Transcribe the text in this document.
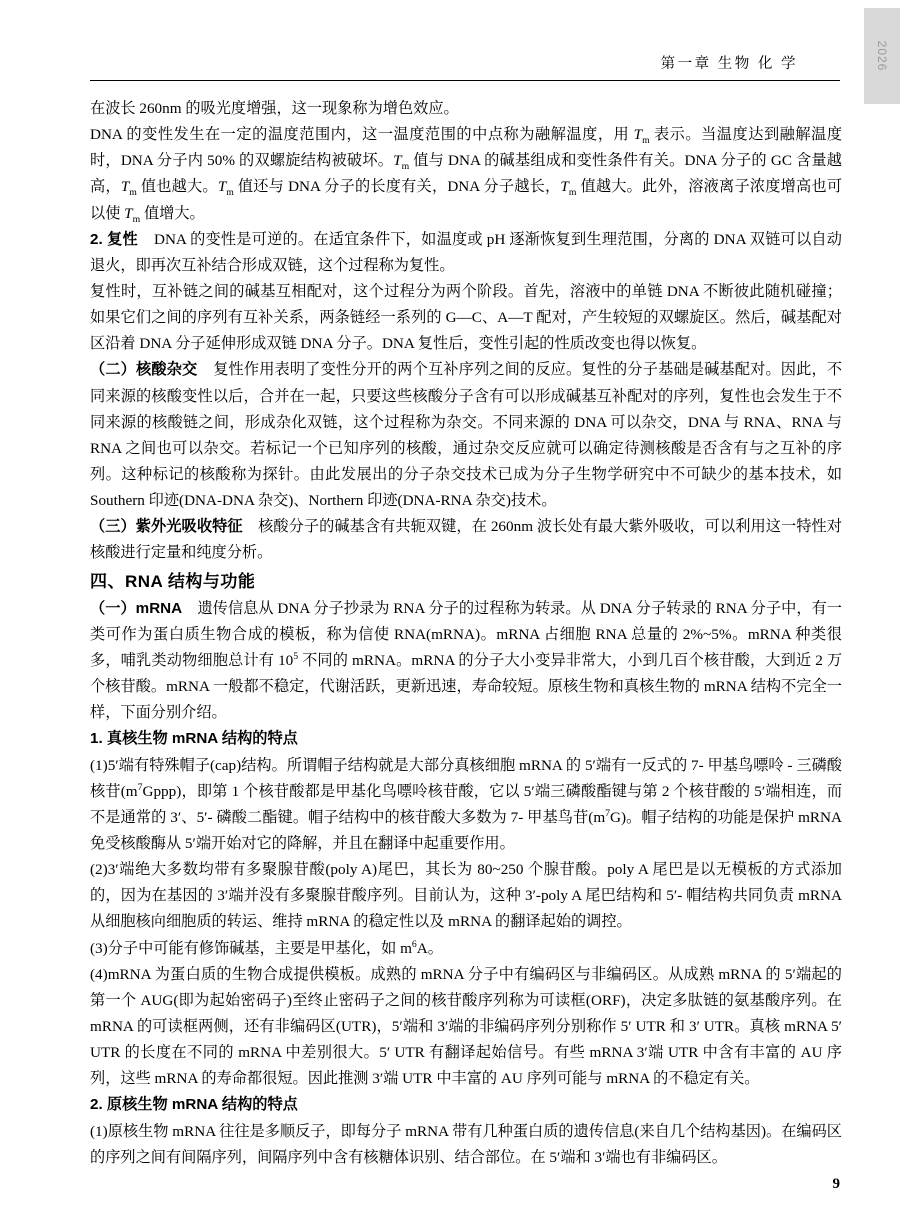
2026
第一章 生物 化 学

在波长 260nm 的吸光度增强，这一现象称为增色效应。

DNA 的变性发生在一定的温度范围内，这一温度范围的中点称为融解温度，用 $T_m$ 表示。当温度达到融解温度时，DNA 分子内 50% 的双螺旋结构被破坏。$T_m$ 值与 DNA 的碱基组成和变性条件有关。DNA 分子的 GC 含量越高，$T_m$ 值也越大。$T_m$ 值还与 DNA 分子的长度有关，DNA 分子越长，$T_m$ 值越大。此外，溶液离子浓度增高也可以使 $T_m$ 值增大。

2. 复性    DNA 的变性是可逆的。在适宜条件下，如温度或 pH 逐渐恢复到生理范围，分离的 DNA 双链可以自动退火，即再次互补结合形成双链，这个过程称为复性。

复性时，互补链之间的碱基互相配对，这个过程分为两个阶段。首先，溶液中的单链 DNA 不断彼此随机碰撞；如果它们之间的序列有互补关系，两条链经一系列的 G—C、A—T 配对，产生较短的双螺旋区。然后，碱基配对区沿着 DNA 分子延伸形成双链 DNA 分子。DNA 复性后，变性引起的性质改变也得以恢复。

（二）核酸杂交    复性作用表明了变性分开的两个互补序列之间的反应。复性的分子基础是碱基配对。因此，不同来源的核酸变性以后，合并在一起，只要这些核酸分子含有可以形成碱基互补配对的序列，复性也会发生于不同来源的核酸链之间，形成杂化双链，这个过程称为杂交。不同来源的 DNA 可以杂交，DNA 与 RNA、RNA 与 RNA 之间也可以杂交。若标记一个已知序列的核酸，通过杂交反应就可以确定待测核酸是否含有与之互补的序列。这种标记的核酸称为探针。由此发展出的分子杂交技术已成为分子生物学研究中不可缺少的基本技术，如 Southern 印迹(DNA-DNA 杂交)、Northern 印迹(DNA-RNA 杂交)技术。

（三）紫外光吸收特征    核酸分子的碱基含有共轭双键，在 260nm 波长处有最大紫外吸收，可以利用这一特性对核酸进行定量和纯度分析。

四、RNA 结构与功能

（一）mRNA    遗传信息从 DNA 分子抄录为 RNA 分子的过程称为转录。从 DNA 分子转录的 RNA 分子中，有一类可作为蛋白质生物合成的模板，称为信使 RNA(mRNA)。mRNA 占细胞 RNA 总量的 2%~5%。mRNA 种类很多，哺乳类动物细胞总计有 $10^5$ 不同的 mRNA。mRNA 的分子大小变异非常大，小到几百个核苷酸，大到近 2 万个核苷酸。mRNA 一般都不稳定，代谢活跃，更新迅速，寿命较短。原核生物和真核生物的 mRNA 结构不完全一样，下面分别介绍。

1. 真核生物 mRNA 结构的特点

(1)5′端有特殊帽子(cap)结构。所谓帽子结构就是大部分真核细胞 mRNA 的 5′端有一反式的 7- 甲基鸟嘌呤 - 三磷酸核苷$(m^7Gppp)$，即第 1 个核苷酸都是甲基化鸟嘌呤核苷酸，它以 5′端三磷酸酯键与第 2 个核苷酸的 5′端相连，而不是通常的 3′、5′- 磷酸二酯键。帽子结构中的核苷酸大多数为 7- 甲基鸟苷$(m^7G)$。帽子结构的功能是保护 mRNA 免受核酸酶从 5′端开始对它的降解，并且在翻译中起重要作用。

(2)3′端绝大多数均带有多聚腺苷酸(poly A)尾巴，其长为 80~250 个腺苷酸。poly A 尾巴是以无模板的方式添加的，因为在基因的 3′端并没有多聚腺苷酸序列。目前认为，这种 3′-poly A 尾巴结构和 5′- 帽结构共同负责 mRNA 从细胞核向细胞质的转运、维持 mRNA 的稳定性以及 mRNA 的翻译起始的调控。

(3)分子中可能有修饰碱基，主要是甲基化，如 $m^6A$。

(4)mRNA 为蛋白质的生物合成提供模板。成熟的 mRNA 分子中有编码区与非编码区。从成熟 mRNA 的 5′端起的第一个 AUG(即为起始密码子)至终止密码子之间的核苷酸序列称为可读框(ORF)，决定多肽链的氨基酸序列。在 mRNA 的可读框两侧，还有非编码区(UTR)，5′端和 3′端的非编码序列分别称作 5′ UTR 和 3′ UTR。真核 mRNA 5′ UTR 的长度在不同的 mRNA 中差别很大。5′ UTR 有翻译起始信号。有些 mRNA 3′端 UTR 中含有丰富的 AU 序列，这些 mRNA 的寿命都很短。因此推测 3′端 UTR 中丰富的 AU 序列可能与 mRNA 的不稳定有关。

2. 原核生物 mRNA 结构的特点

(1)原核生物 mRNA 往往是多顺反子，即每分子 mRNA 带有几种蛋白质的遗传信息(来自几个结构基因)。在编码区的序列之间有间隔序列，间隔序列中含有核糖体识别、结合部位。在 5′端和 3′端也有非编码区。

9
